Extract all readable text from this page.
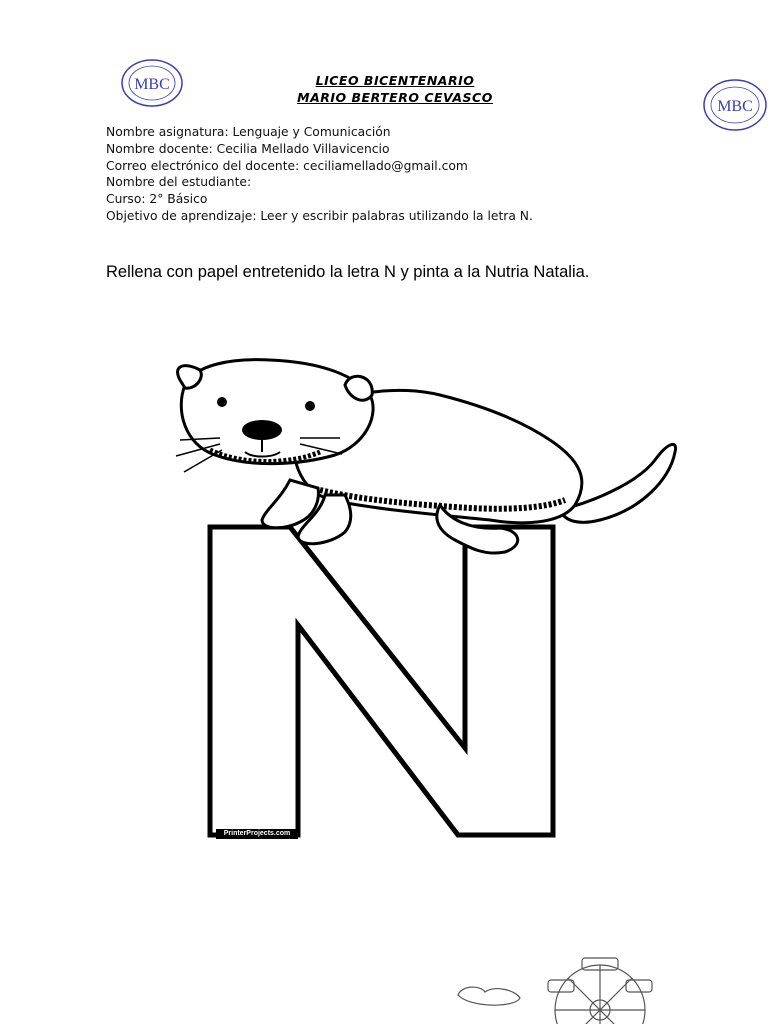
MBC
MBC
LICEO BICENTENARIO
MARIO BERTERO CEVASCO
Nombre asignatura: Lenguaje y Comunicación
Nombre docente: Cecilia Mellado Villavicencio
Correo electrónico del docente: ceciliamellado@gmail.com
Nombre del estudiante:
Curso: 2° Básico
Objetivo de aprendizaje: Leer y escribir palabras utilizando la letra N.
Rellena con papel entretenido la letra N y pinta a la Nutria Natalia.
PrinterProjects.com
